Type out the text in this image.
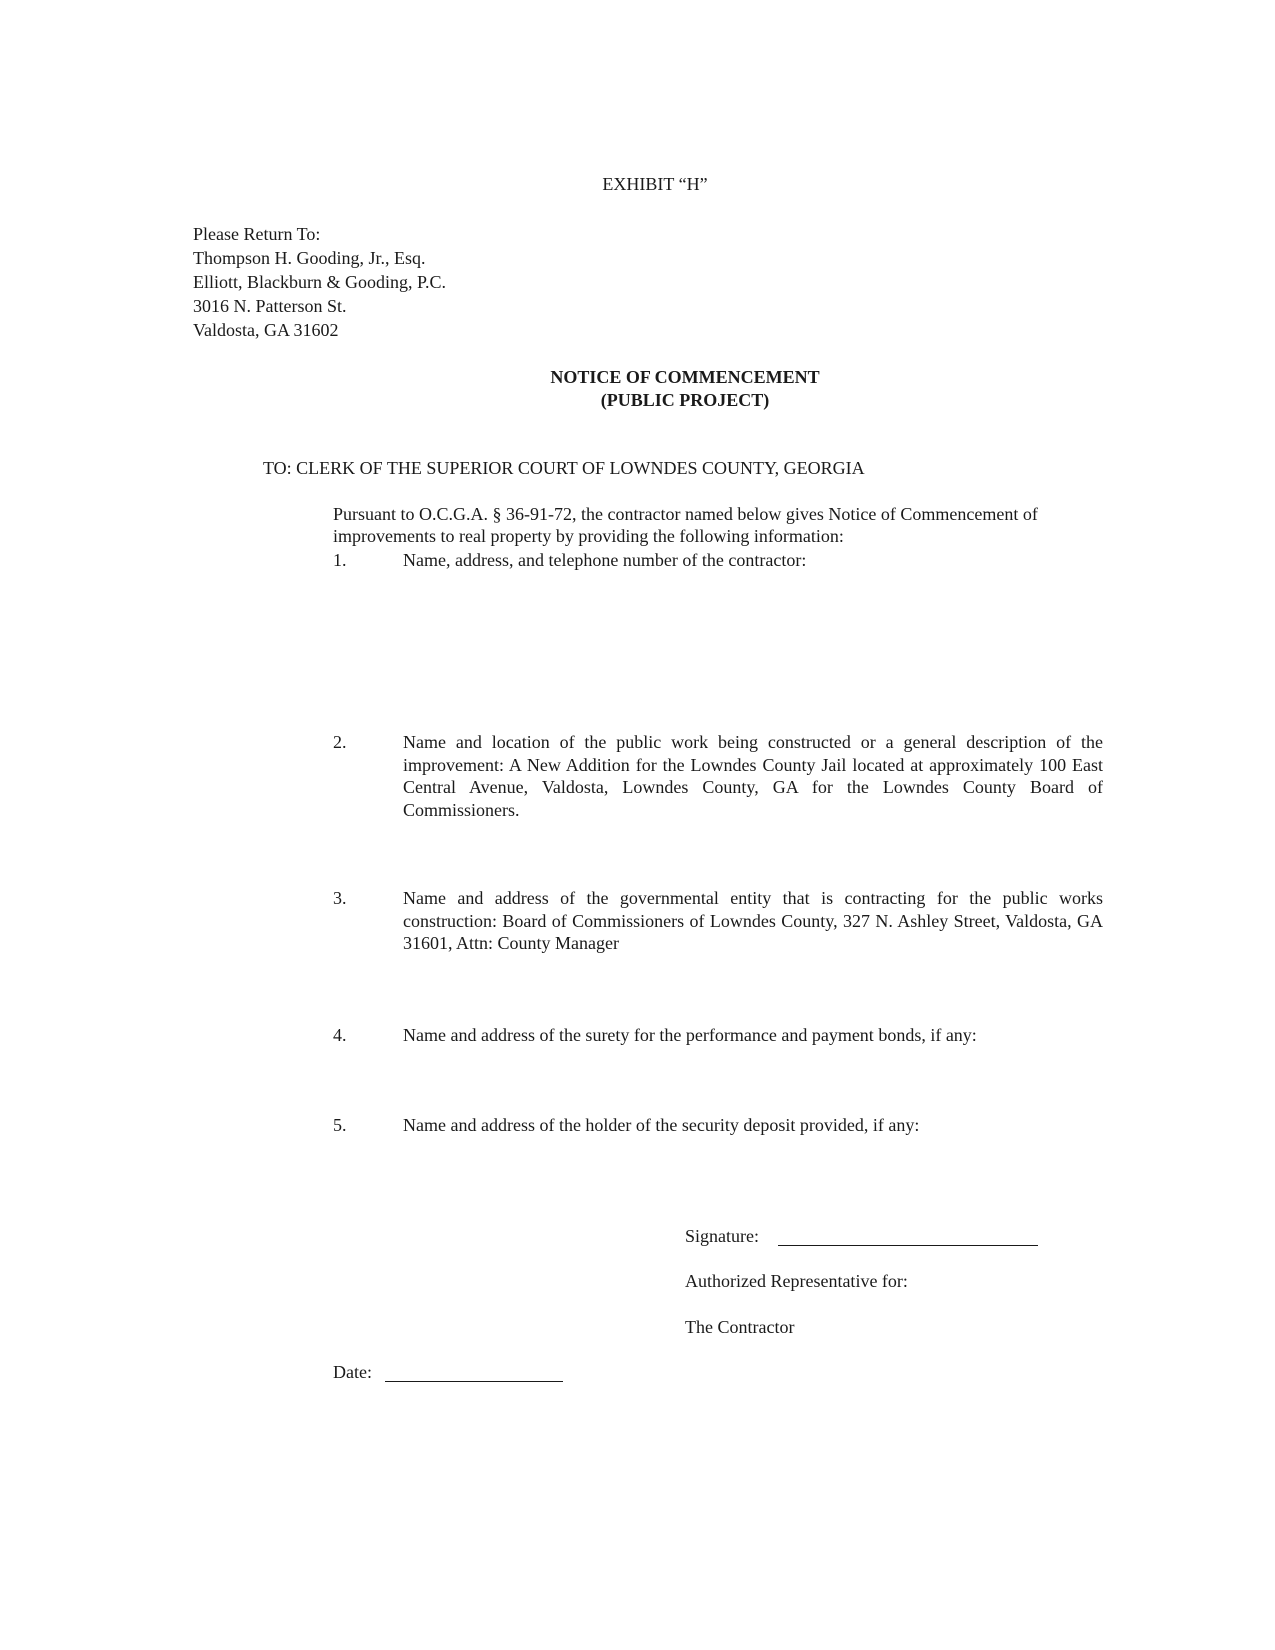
EXHIBIT “H”
Please Return To:
Thompson H. Gooding, Jr., Esq.
Elliott, Blackburn & Gooding, P.C.
3016 N. Patterson St.
Valdosta, GA 31602
NOTICE OF COMMENCEMENT
(PUBLIC PROJECT)
TO: CLERK OF THE SUPERIOR COURT OF LOWNDES COUNTY, GEORGIA
Pursuant to O.C.G.A. § 36-91-72, the contractor named below gives Notice of Commencement of improvements to real property by providing the following information:
1.	Name, address, and telephone number of the contractor:
2.	Name and location of the public work being constructed or a general description of the improvement: A New Addition for the Lowndes County Jail located at approximately 100 East Central Avenue, Valdosta, Lowndes County, GA for the Lowndes County Board of Commissioners.
3.	Name and address of the governmental entity that is contracting for the public works construction: Board of Commissioners of Lowndes County, 327 N. Ashley Street, Valdosta, GA 31601, Attn: County Manager
4.	Name and address of the surety for the performance and payment bonds, if any:
5.	Name and address of the holder of the security deposit provided, if any:
Signature:
Authorized Representative for:
The Contractor
Date:
